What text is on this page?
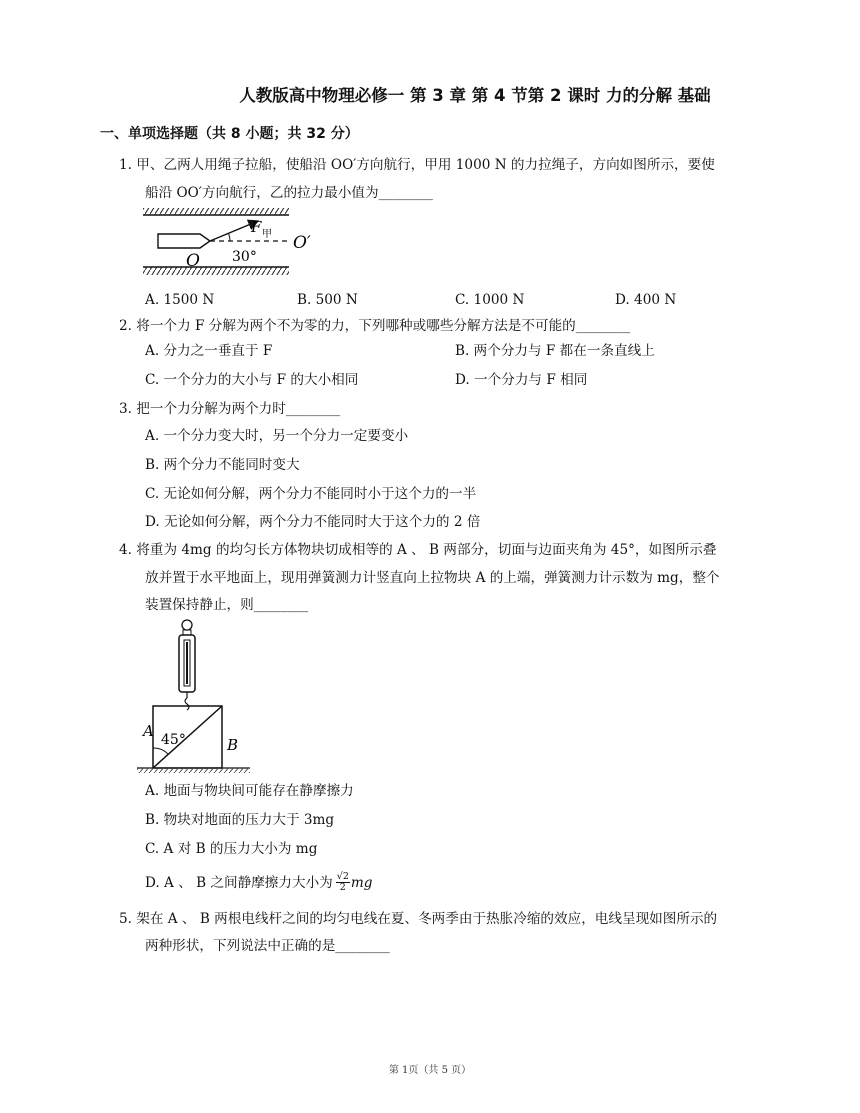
人教版高中物理必修一 第 3 章 第 4 节第 2 课时 力的分解 基础
一、单项选择题（共 8 小题；共 32 分）
1. 甲、乙两人用绳子拉船，使船沿 OO′方向航行，甲用 1000 N 的力拉绳子，方向如图所示，要使
船沿 OO′方向航行，乙的拉力最小值为________
F 甲
30°
O
O′
A. 1500 N	B. 500 N	C. 1000 N	D. 400 N
2. 将一个力 F 分解为两个不为零的力，下列哪种或哪些分解方法是不可能的________
A. 分力之一垂直于 F	B. 两个分力与 F 都在一条直线上
C. 一个分力的大小与 F 的大小相同	D. 一个分力与 F 相同
3. 把一个力分解为两个力时________
A. 一个分力变大时，另一个分力一定要变小
B. 两个分力不能同时变大
C. 无论如何分解，两个分力不能同时小于这个力的一半
D. 无论如何分解，两个分力不能同时大于这个力的 2 倍
4. 将重为 4mg 的均匀长方体物块切成相等的 A 、 B 两部分，切面与边面夹角为 45°，如图所示叠
放并置于水平地面上，现用弹簧测力计竖直向上拉物块 A 的上端，弹簧测力计示数为 mg，整个
装置保持静止，则________
45°
A
B
A. 地面与物块间可能存在静摩擦力
B. 物块对地面的压力大于 3mg
C. A 对 B 的压力大小为 mg
D. A 、 B 之间静摩擦力大小为 $\frac{√2}{2}$ mg
5. 架在 A 、 B 两根电线杆之间的均匀电线在夏、冬两季由于热胀冷缩的效应，电线呈现如图所示的
两种形状，下列说法中正确的是________
第 1页（共 5 页）
